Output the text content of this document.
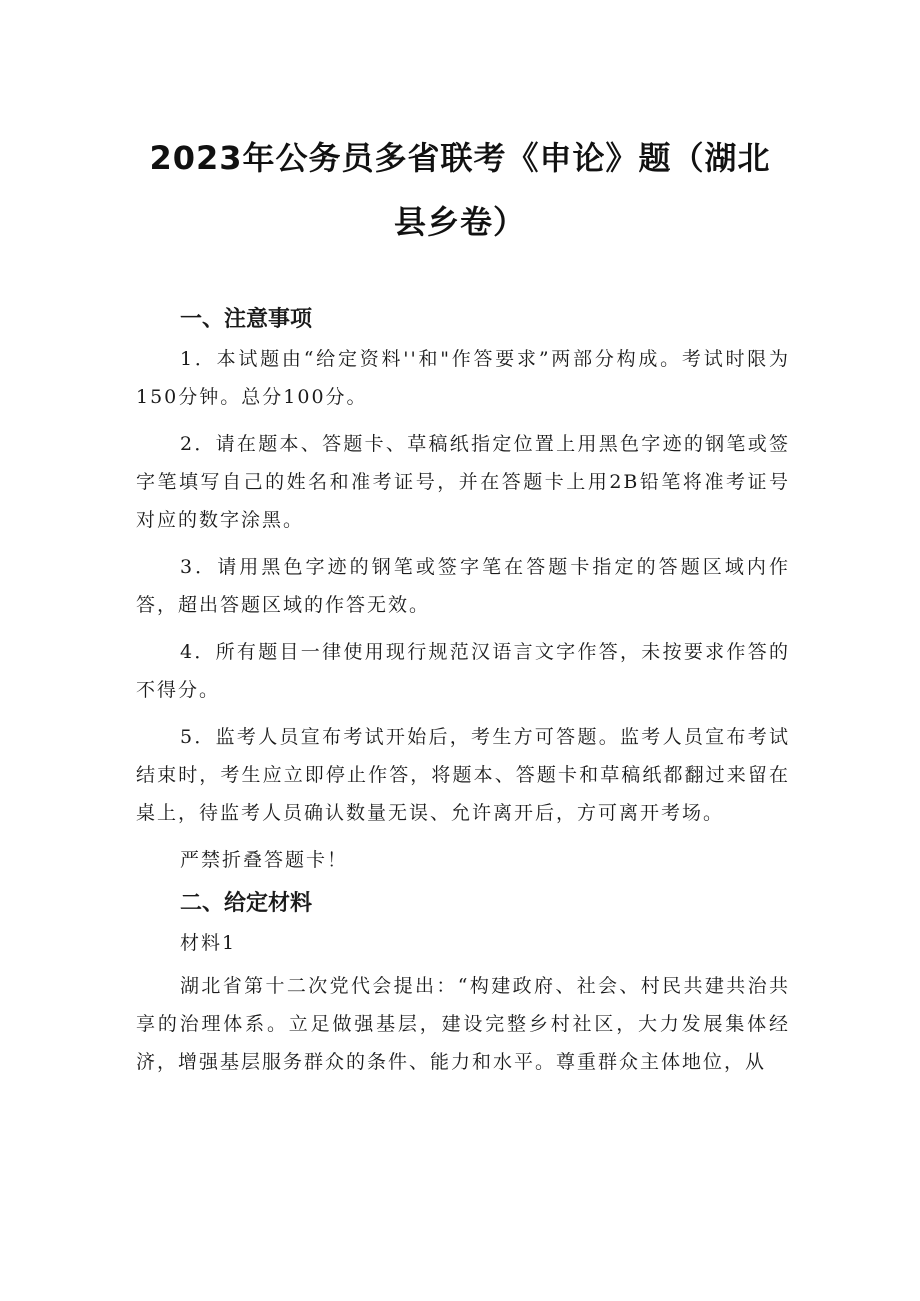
2023年公务员多省联考《申论》题（湖北
县乡卷）
一、注意事项

1．本试题由“给定资料''和"作答要求”两部分构成。考试时限为150分钟。总分100分。

2．请在题本、答题卡、草稿纸指定位置上用黑色字迹的钢笔或签字笔填写自己的姓名和准考证号，并在答题卡上用2B铅笔将准考证号对应的数字涂黑。

3．请用黑色字迹的钢笔或签字笔在答题卡指定的答题区域内作答，超出答题区域的作答无效。

4．所有题目一律使用现行规范汉语言文字作答，未按要求作答的不得分。

5．监考人员宣布考试开始后，考生方可答题。监考人员宣布考试结束时，考生应立即停止作答，将题本、答题卡和草稿纸都翻过来留在桌上，待监考人员确认数量无误、允许离开后，方可离开考场。

严禁折叠答题卡！

二、给定材料

材料1

湖北省第十二次党代会提出：“构建政府、社会、村民共建共治共享的治理体系。立足做强基层，建设完整乡村社区，大力发展集体经济，增强基层服务群众的条件、能力和水平。尊重群众主体地位，从
